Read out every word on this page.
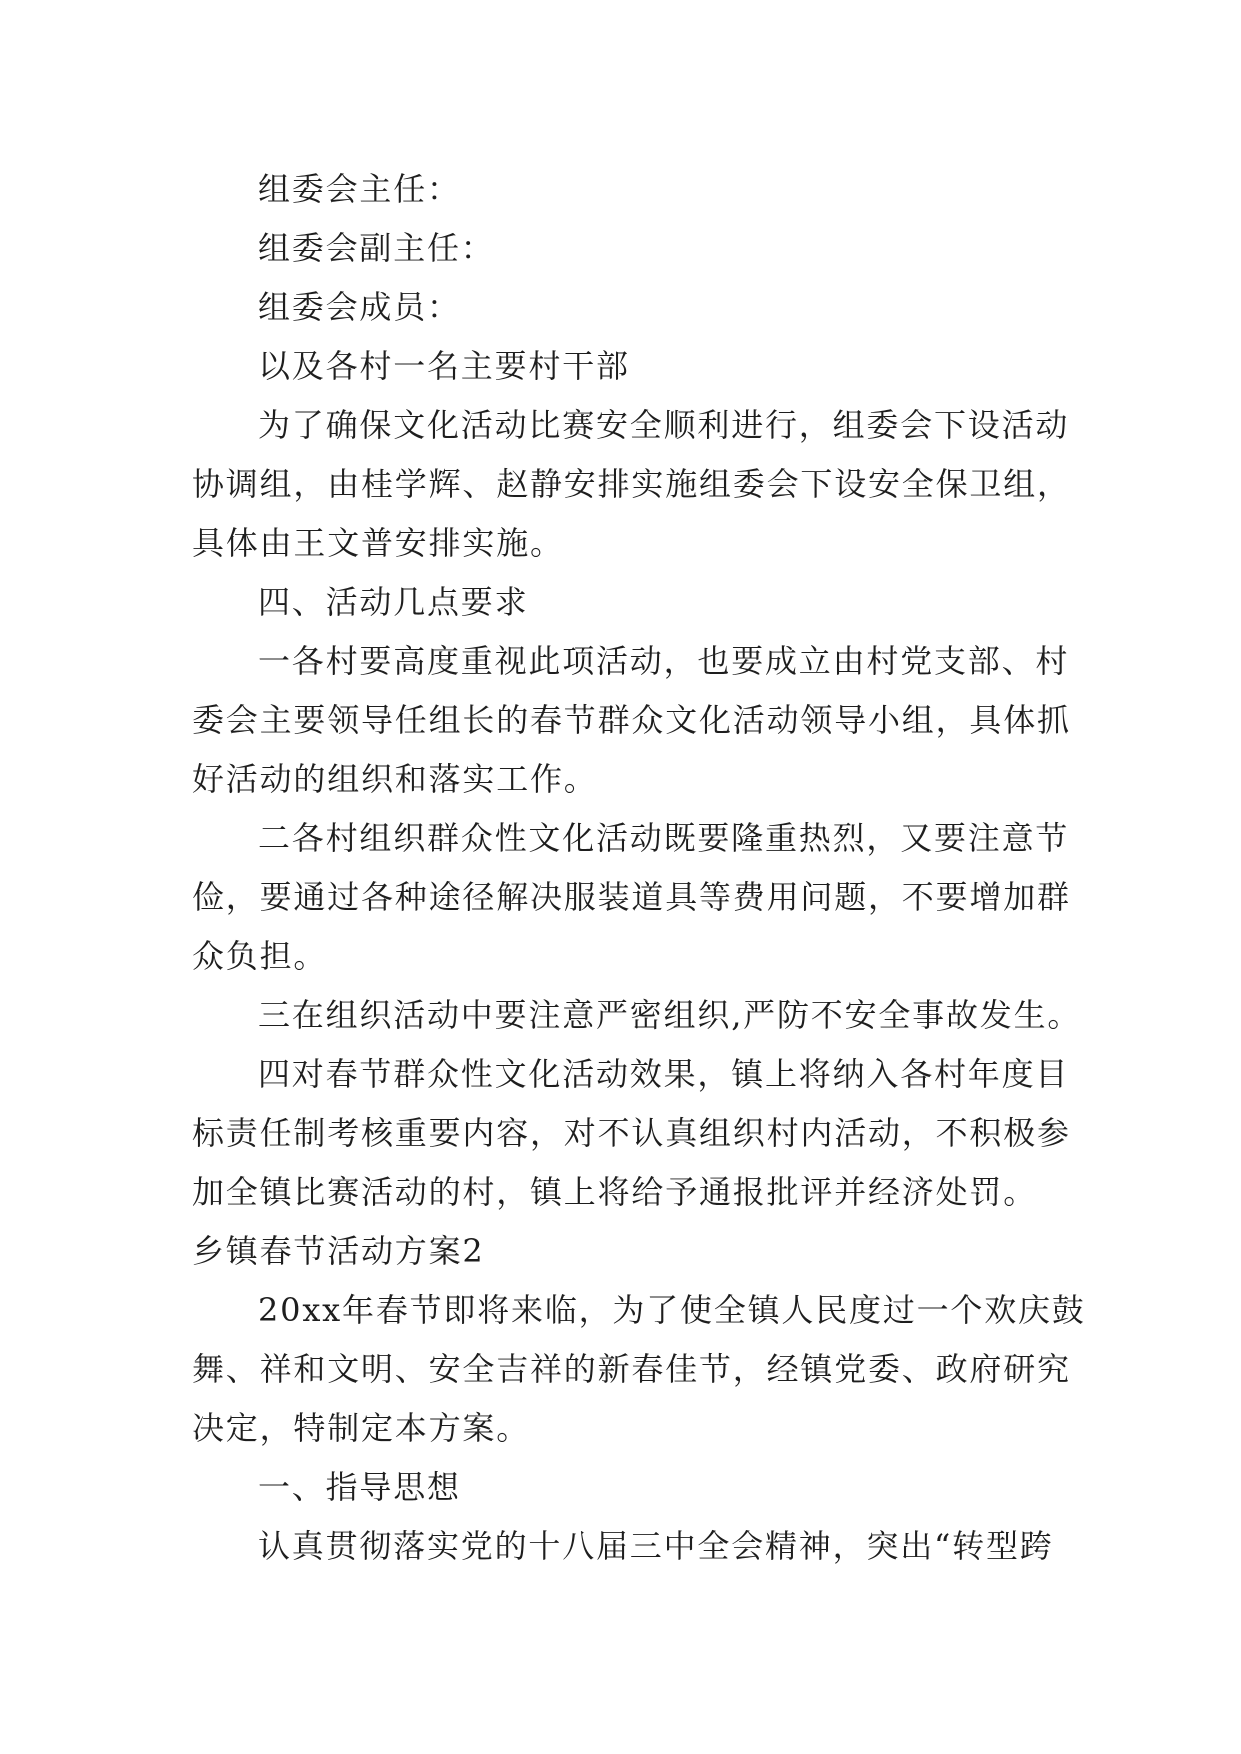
组委会主任：
组委会副主任：
组委会成员：
以及各村一名主要村干部
为了确保文化活动比赛安全顺利进行，组委会下设活动
协调组，由桂学辉、赵静安排实施组委会下设安全保卫组，
具体由王文普安排实施。
四、活动几点要求
一各村要高度重视此项活动，也要成立由村党支部、村
委会主要领导任组长的春节群众文化活动领导小组，具体抓
好活动的组织和落实工作。
二各村组织群众性文化活动既要隆重热烈，又要注意节
俭，要通过各种途径解决服装道具等费用问题，不要增加群
众负担。
三在组织活动中要注意严密组织,严防不安全事故发生。
四对春节群众性文化活动效果，镇上将纳入各村年度目
标责任制考核重要内容，对不认真组织村内活动，不积极参
加全镇比赛活动的村，镇上将给予通报批评并经济处罚。
乡镇春节活动方案2
20xx年春节即将来临，为了使全镇人民度过一个欢庆鼓
舞、祥和文明、安全吉祥的新春佳节，经镇党委、政府研究
决定，特制定本方案。
一、指导思想
认真贯彻落实党的十八届三中全会精神，突出“转型跨
